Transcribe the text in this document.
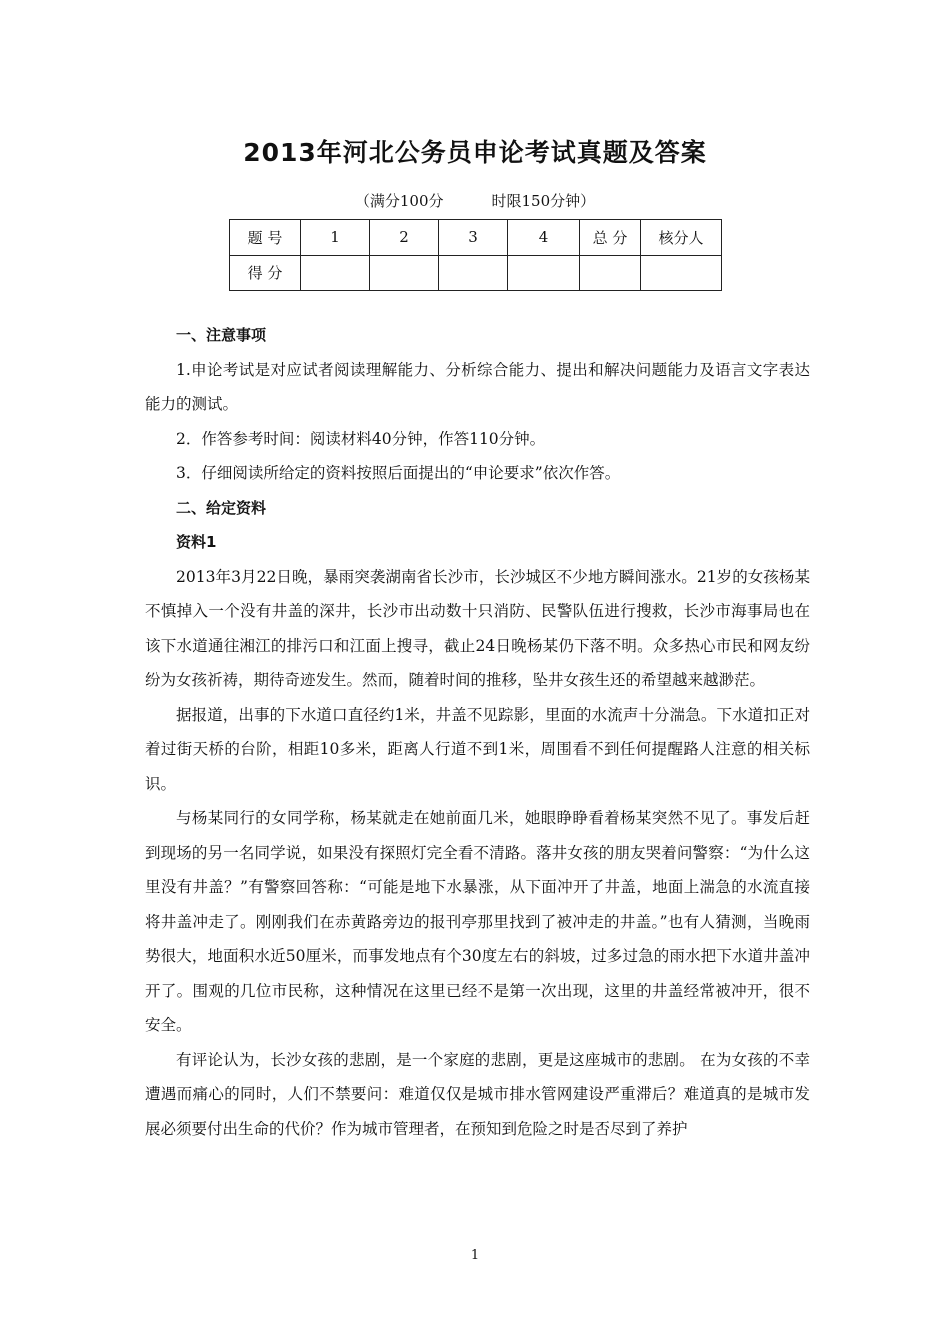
2013年河北公务员申论考试真题及答案
（满分100分	时限150分钟）
题 号	1	2	3	4	总 分	核分人
得 分						

一、注意事项

1.申论考试是对应试者阅读理解能力、分析综合能力、提出和解决问题能力及语言文字表达能力的测试。

2．作答参考时间：阅读材料40分钟，作答110分钟。

3．仔细阅读所给定的资料按照后面提出的“申论要求”依次作答。

二、给定资料

资料1

2013年3月22日晚，暴雨突袭湖南省长沙市，长沙城区不少地方瞬间涨水。21岁的女孩杨某不慎掉入一个没有井盖的深井，长沙市出动数十只消防、民警队伍进行搜救，长沙市海事局也在该下水道通往湘江的排污口和江面上搜寻，截止24日晚杨某仍下落不明。众多热心市民和网友纷纷为女孩祈祷，期待奇迹发生。然而，随着时间的推移，坠井女孩生还的希望越来越渺茫。

据报道，出事的下水道口直径约1米，井盖不见踪影，里面的水流声十分湍急。下水道扣正对着过街天桥的台阶，相距10多米，距离人行道不到1米，周围看不到任何提醒路人注意的相关标识。

与杨某同行的女同学称，杨某就走在她前面几米，她眼睁睁看着杨某突然不见了。事发后赶到现场的另一名同学说，如果没有探照灯完全看不清路。落井女孩的朋友哭着问警察：“为什么这里没有井盖？”有警察回答称：“可能是地下水暴涨，从下面冲开了井盖，地面上湍急的水流直接将井盖冲走了。刚刚我们在赤黄路旁边的报刊亭那里找到了被冲走的井盖。”也有人猜测，当晚雨势很大，地面积水近50厘米，而事发地点有个30度左右的斜坡，过多过急的雨水把下水道井盖冲开了。围观的几位市民称，这种情况在这里已经不是第一次出现，这里的井盖经常被冲开，很不安全。

有评论认为，长沙女孩的悲剧，是一个家庭的悲剧，更是这座城市的悲剧。 在为女孩的不幸遭遇而痛心的同时，人们不禁要问：难道仅仅是城市排水管网建设严重滞后？难道真的是城市发展必须要付出生命的代价？作为城市管理者，在预知到危险之时是否尽到了养护

1
